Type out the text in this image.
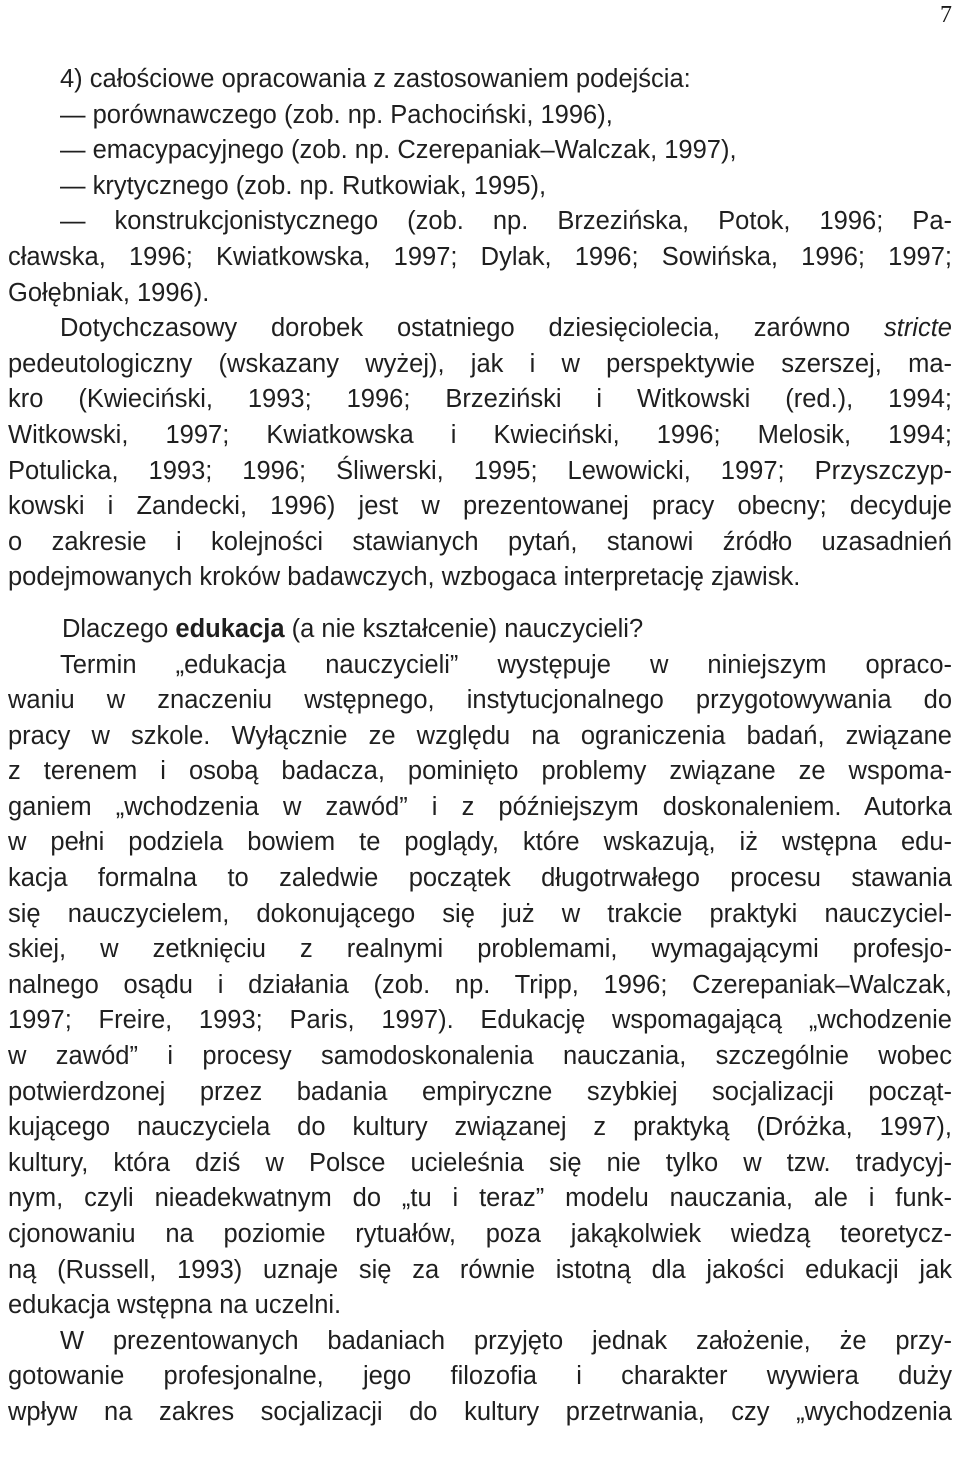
7
4) całościowe opracowania z zastosowaniem podejścia:
— porównawczego (zob. np. Pachociński, 1996),
— emacypacyjnego (zob. np. Czerepaniak–Walczak, 1997),
— krytycznego (zob. np. Rutkowiak, 1995),
— konstrukcjonistycznego (zob. np. Brzezińska, Potok, 1996; Pa-
cławska, 1996; Kwiatkowska, 1997; Dylak, 1996; Sowińska, 1996; 1997;
Gołębniak, 1996).
Dotychczasowy dorobek ostatniego dziesięciolecia, zarówno stricte
pedeutologiczny (wskazany wyżej), jak i w perspektywie szerszej, ma-
kro (Kwieciński, 1993; 1996; Brzeziński i Witkowski (red.), 1994;
Witkowski, 1997; Kwiatkowska i Kwieciński, 1996; Melosik, 1994;
Potulicka, 1993; 1996; Śliwerski, 1995; Lewowicki, 1997; Przyszczyp-
kowski i Zandecki, 1996) jest w prezentowanej pracy obecny; decyduje
o zakresie i kolejności stawianych pytań, stanowi źródło uzasadnień
podejmowanych kroków badawczych, wzbogaca interpretację zjawisk.
Dlaczego edukacja (a nie kształcenie) nauczycieli?
Termin „edukacja nauczycieli” występuje w niniejszym opraco-
waniu w znaczeniu wstępnego, instytucjonalnego przygotowywania do
pracy w szkole. Wyłącznie ze względu na ograniczenia badań, związane
z terenem i osobą badacza, pominięto problemy związane ze wspoma-
ganiem „wchodzenia w zawód” i z późniejszym doskonaleniem. Autorka
w pełni podziela bowiem te poglądy, które wskazują, iż wstępna edu-
kacja formalna to zaledwie początek długotrwałego procesu stawania
się nauczycielem, dokonującego się już w trakcie praktyki nauczyciel-
skiej, w zetknięciu z realnymi problemami, wymagającymi profesjo-
nalnego osądu i działania (zob. np. Tripp, 1996; Czerepaniak–Walczak,
1997; Freire, 1993; Paris, 1997). Edukację wspomagającą „wchodzenie
w zawód” i procesy samodoskonalenia nauczania, szczególnie wobec
potwierdzonej przez badania empiryczne szybkiej socjalizacji począt-
kującego nauczyciela do kultury związanej z praktyką (Dróżka, 1997),
kultury, która dziś w Polsce ucieleśnia się nie tylko w tzw. tradycyj-
nym, czyli nieadekwatnym do „tu i teraz” modelu nauczania, ale i funk-
cjonowaniu na poziomie rytuałów, poza jakąkolwiek wiedzą teoretycz-
ną (Russell, 1993) uznaje się za równie istotną dla jakości edukacji jak
edukacja wstępna na uczelni.
W prezentowanych badaniach przyjęto jednak założenie, że przy-
gotowanie profesjonalne, jego filozofia i charakter wywiera duży
wpływ na zakres socjalizacji do kultury przetrwania, czy „wychodzenia
